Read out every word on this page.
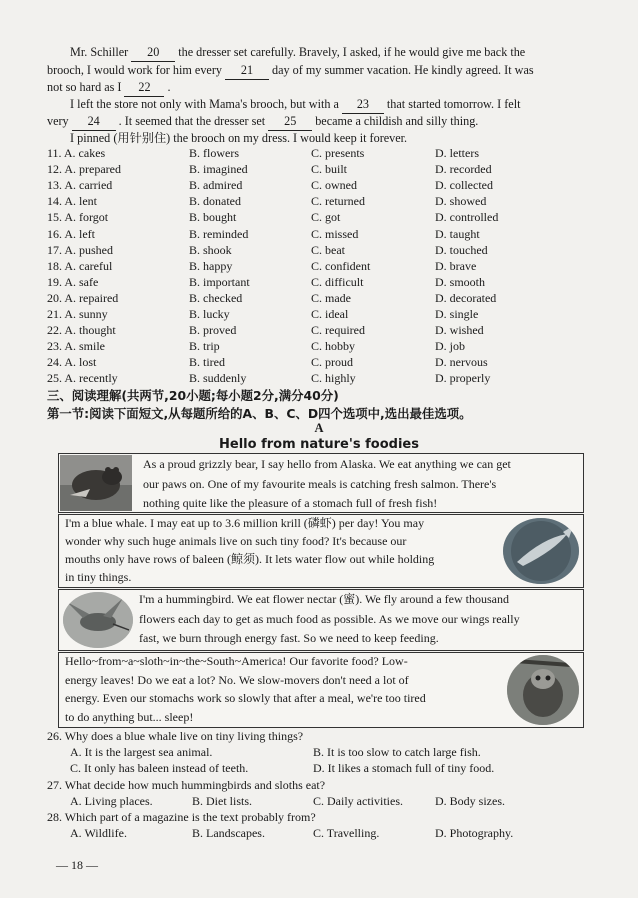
Mr. Schiller 20 the dresser set carefully. Bravely, I asked, if he would give me back the
brooch, I would work for him every 21 day of my summer vacation. He kindly agreed. It was
not so hard as I 22 .
I left the store not only with Mama's brooch, but with a 23 that started tomorrow. I felt
very 24 . It seemed that the dresser set 25 became a childish and silly thing.
I pinned (用针别住) the brooch on my dress. I would keep it forever.
11. A. cakes	B. flowers	C. presents	D. letters
12. A. prepared	B. imagined	C. built	D. recorded
13. A. carried	B. admired	C. owned	D. collected
14. A. lent	B. donated	C. returned	D. showed
15. A. forgot	B. bought	C. got	D. controlled
16. A. left	B. reminded	C. missed	D. taught
17. A. pushed	B. shook	C. beat	D. touched
18. A. careful	B. happy	C. confident	D. brave
19. A. safe	B. important	C. difficult	D. smooth
20. A. repaired	B. checked	C. made	D. decorated
21. A. sunny	B. lucky	C. ideal	D. single
22. A. thought	B. proved	C. required	D. wished
23. A. smile	B. trip	C. hobby	D. job
24. A. lost	B. tired	C. proud	D. nervous
25. A. recently	B. suddenly	C. highly	D. properly
三、阅读理解(共两节,20小题;每小题2分,满分40分)
第一节:阅读下面短文,从每题所给的A、B、C、D四个选项中,选出最佳选项。
A
Hello from nature's foodies
As a proud grizzly bear, I say hello from Alaska. We eat anything we can get
our paws on. One of my favourite meals is catching fresh salmon. There's
nothing quite like the pleasure of a stomach full of fresh fish!
I'm a blue whale. I may eat up to 3.6 million krill (磷虾) per day! You may
wonder why such huge animals live on such tiny food? It's because our
mouths only have rows of baleen (鲸须). It lets water flow out while holding
in tiny things.
I'm a hummingbird. We eat flower nectar (蜜). We fly around a few thousand
flowers each day to get as much food as possible. As we move our wings really
fast, we burn through energy fast. So we need to keep feeding.
Hello~from~a~sloth~in~the~South~America! Our favorite food? Low-
energy leaves! Do we eat a lot? No. We slow-movers don't need a lot of
energy. Even our stomachs work so slowly that after a meal, we're too tired
to do anything but... sleep!
26. Why does a blue whale live on tiny living things?
A. It is the largest sea animal.	B. It is too slow to catch large fish.
C. It only has baleen instead of teeth.	D. It likes a stomach full of tiny food.
27. What decide how much hummingbirds and sloths eat?
A. Living places.	B. Diet lists.	C. Daily activities.	D. Body sizes.
28. Which part of a magazine is the text probably from?
A. Wildlife.	B. Landscapes.	C. Travelling.	D. Photography.
— 18 —
